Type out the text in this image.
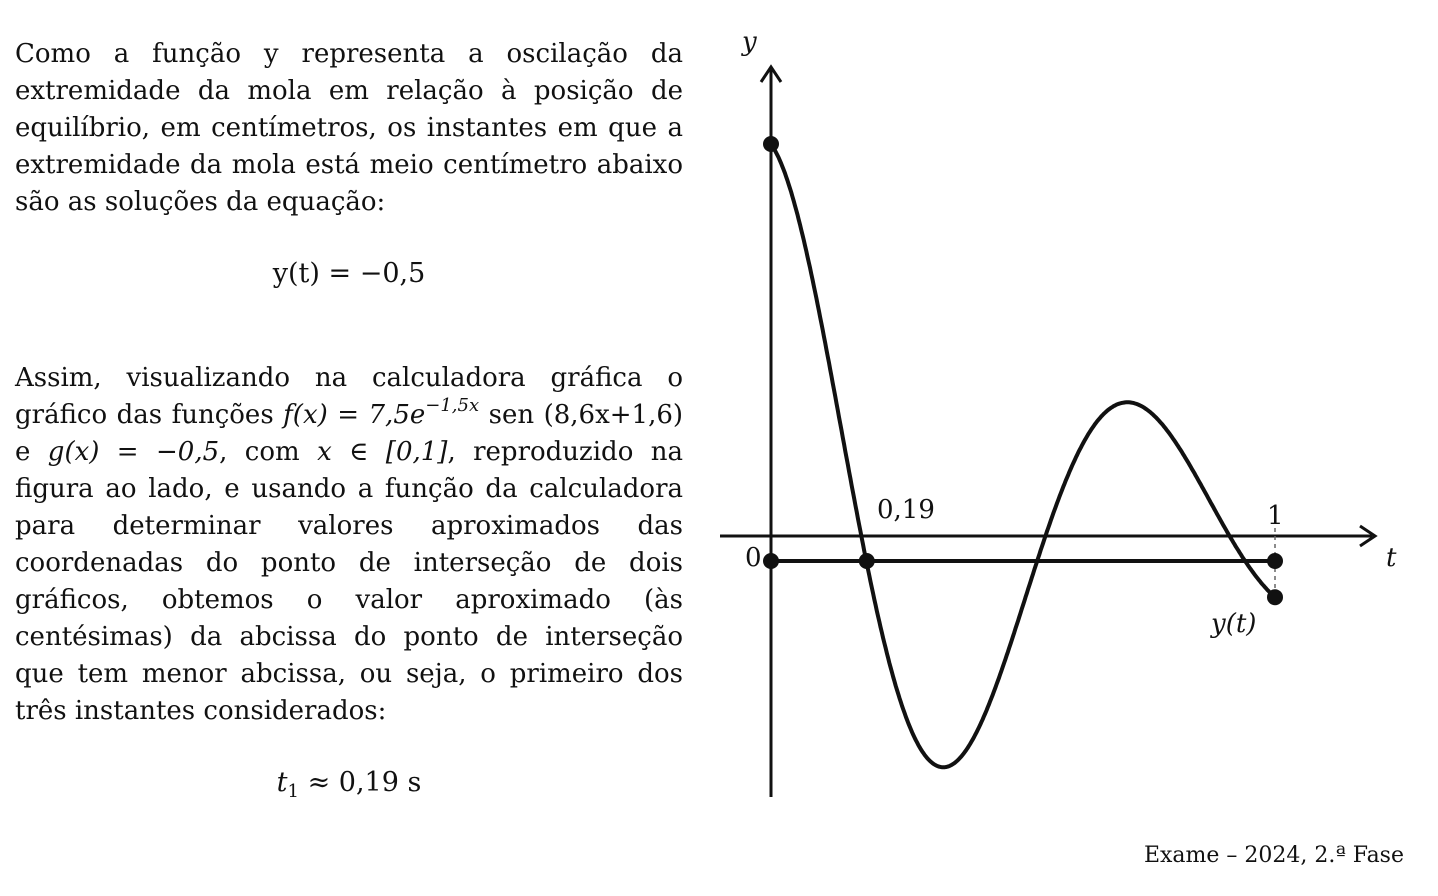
Como a função y representa a oscilação da extremidade da mola em relação à posição de equilíbrio, em centímetros, os instantes em que a extremidade da mola está meio centímetro abaixo são as soluções da equação:

y(t) = −0,5

Assim, visualizando na calculadora gráfica o gráfico das funções $f(x) = 7,5e^{-1,5x}$ sen (8,6x+1,6) e g(x) = −0,5, com x ∈ [0,1], reproduzido na figura ao lado, e usando a função da calculadora para determinar valores aproximados das coordenadas do ponto de interseção de dois gráficos, obtemos o valor aproximado (às centésimas) da abcissa do ponto de interseção que tem menor abcissa, ou seja, o primeiro dos três instantes considerados:

$t_1 \approx 0,19$ s

y
t
0
0,19	1
y(t)
Exame – 2024, 2.ª Fase
